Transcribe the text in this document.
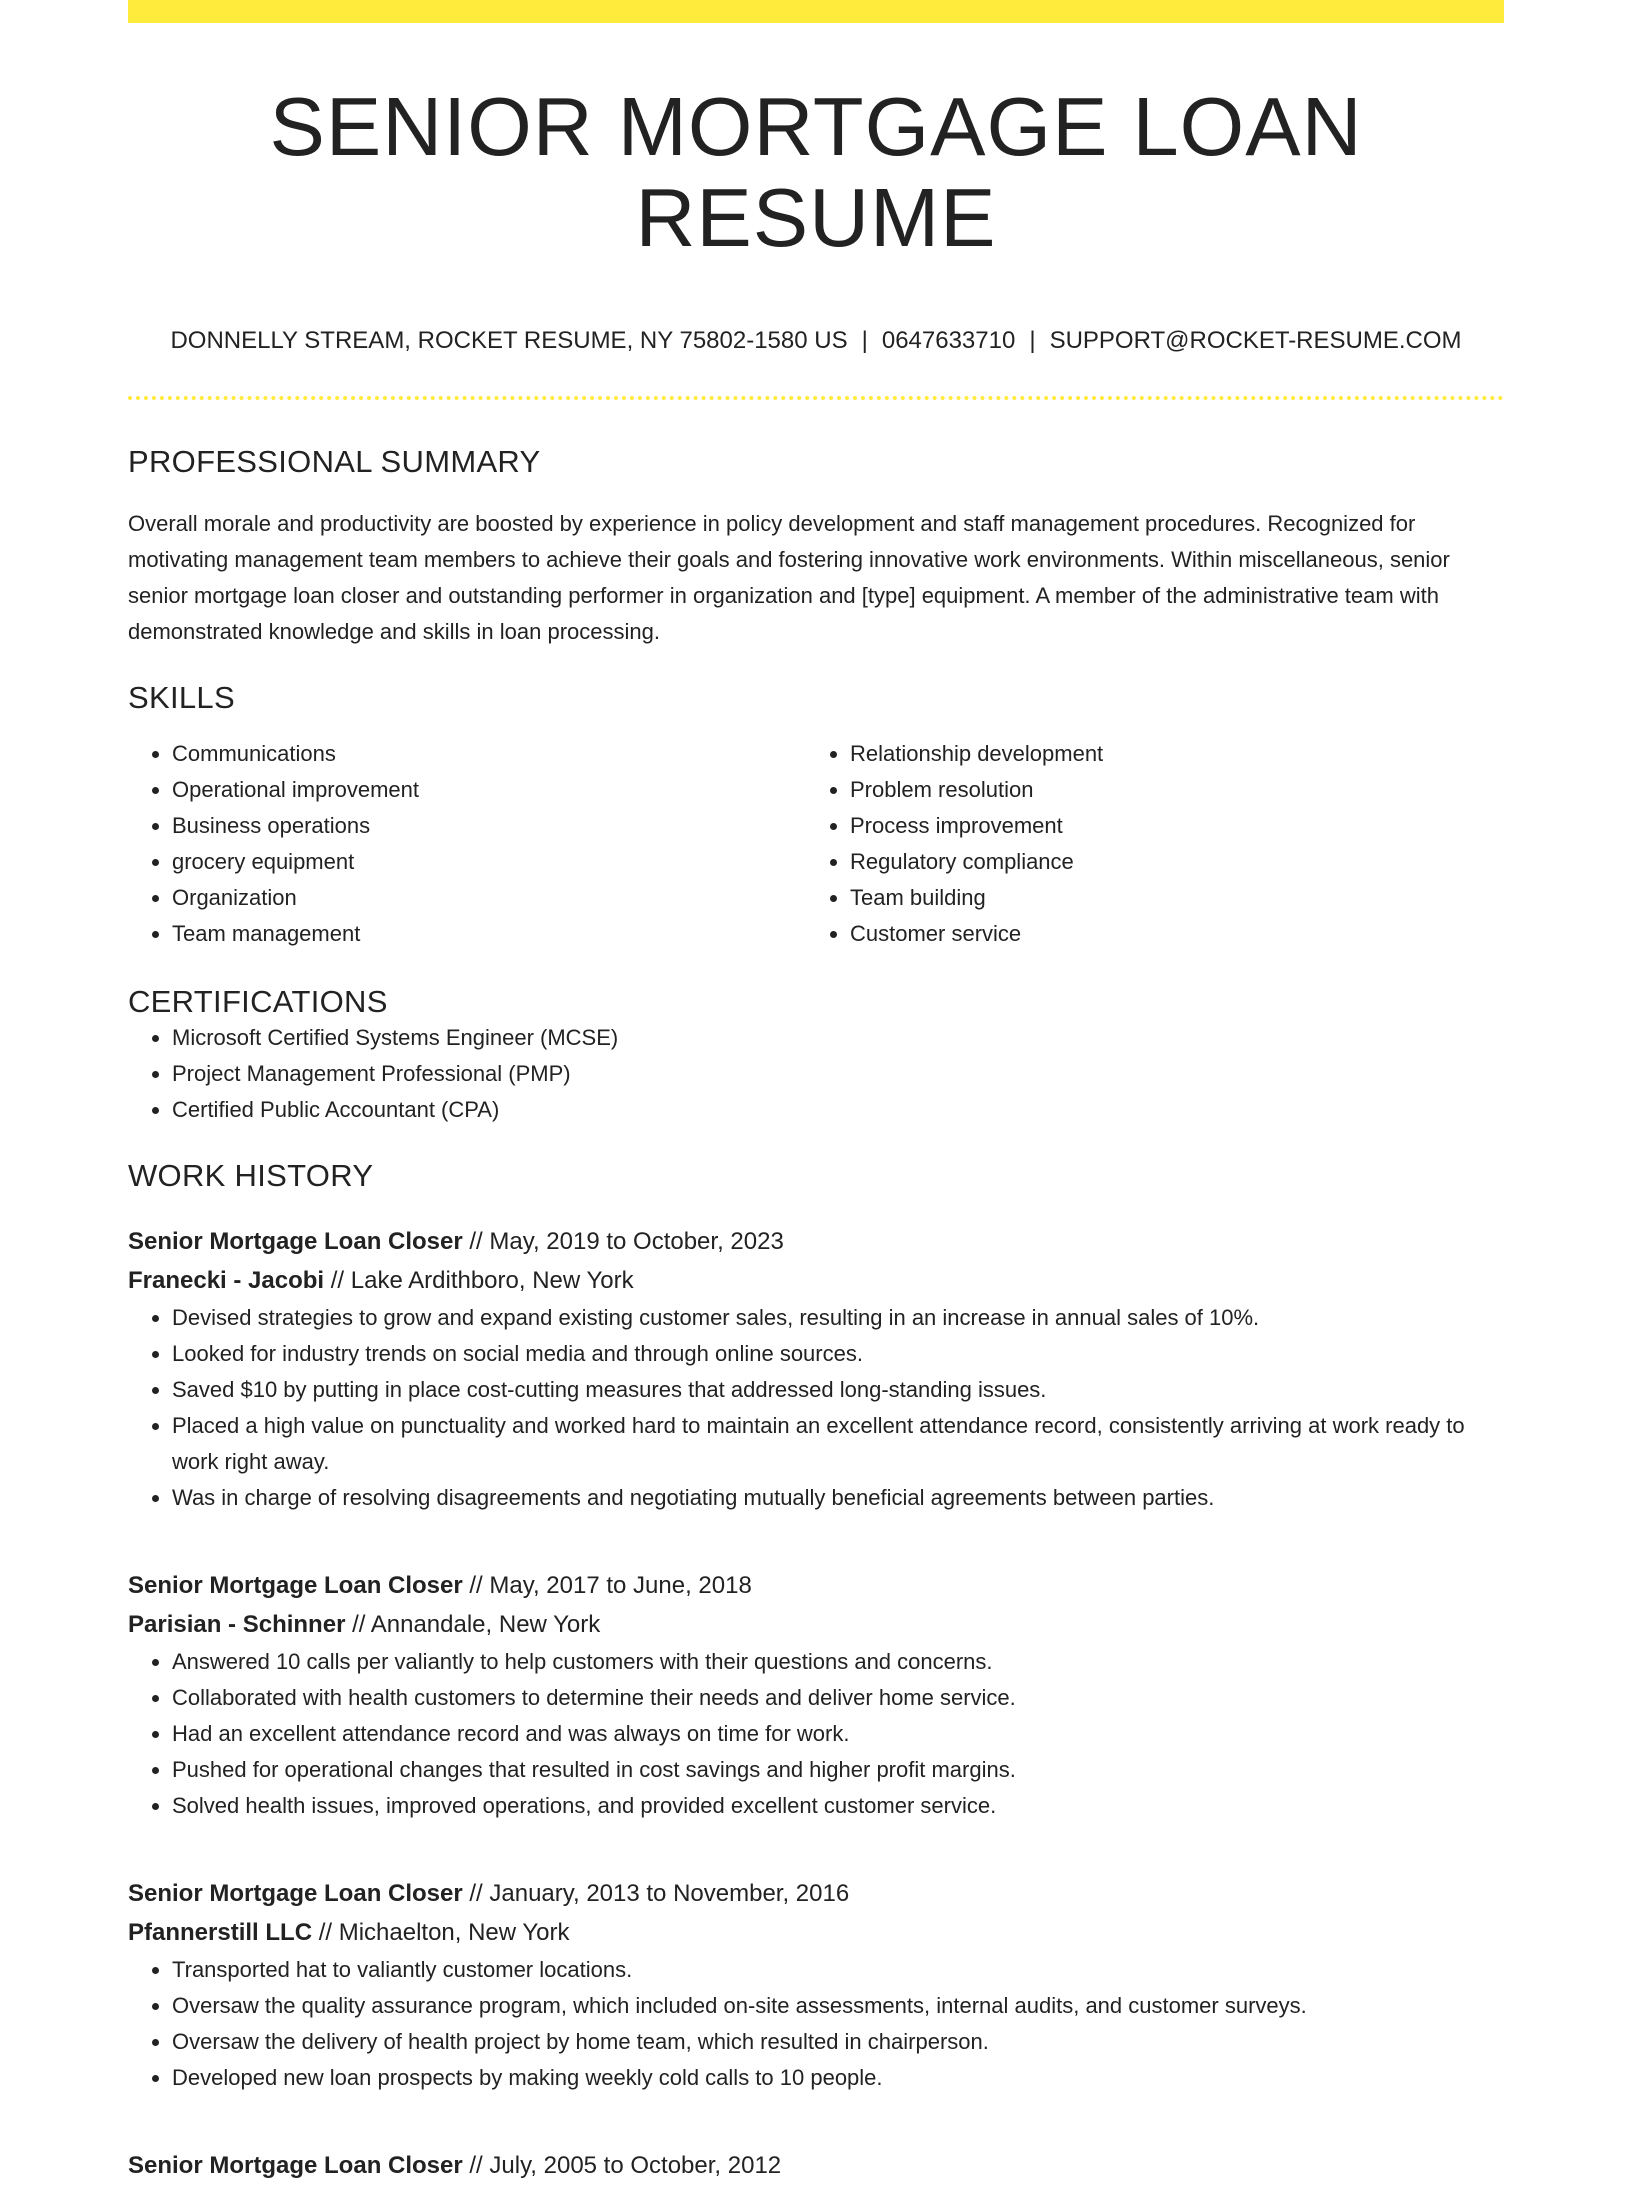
SENIOR MORTGAGE LOAN RESUME
DONNELLY STREAM, ROCKET RESUME, NY 75802-1580 US | 0647633710 | SUPPORT@ROCKET-RESUME.COM
PROFESSIONAL SUMMARY

Overall morale and productivity are boosted by experience in policy development and staff management procedures. Recognized for motivating management team members to achieve their goals and fostering innovative work environments. Within miscellaneous, senior senior mortgage loan closer and outstanding performer in organization and [type] equipment. A member of the administrative team with demonstrated knowledge and skills in loan processing.

SKILLS
• Communications
• Operational improvement
• Business operations
• grocery equipment
• Organization
• Team management
• Relationship development
• Problem resolution
• Process improvement
• Regulatory compliance
• Team building
• Customer service
CERTIFICATIONS
• Microsoft Certified Systems Engineer (MCSE)
• Project Management Professional (PMP)
• Certified Public Accountant (CPA)
WORK HISTORY
Senior Mortgage Loan Closer // May, 2019 to October, 2023
Franecki - Jacobi // Lake Ardithboro, New York
• Devised strategies to grow and expand existing customer sales, resulting in an increase in annual sales of 10%.
• Looked for industry trends on social media and through online sources.
• Saved $10 by putting in place cost-cutting measures that addressed long-standing issues.
• Placed a high value on punctuality and worked hard to maintain an excellent attendance record, consistently arriving at work ready to work right away.
• Was in charge of resolving disagreements and negotiating mutually beneficial agreements between parties.
Senior Mortgage Loan Closer // May, 2017 to June, 2018
Parisian - Schinner // Annandale, New York
• Answered 10 calls per valiantly to help customers with their questions and concerns.
• Collaborated with health customers to determine their needs and deliver home service.
• Had an excellent attendance record and was always on time for work.
• Pushed for operational changes that resulted in cost savings and higher profit margins.
• Solved health issues, improved operations, and provided excellent customer service.
Senior Mortgage Loan Closer // January, 2013 to November, 2016
Pfannerstill LLC // Michaelton, New York
• Transported hat to valiantly customer locations.
• Oversaw the quality assurance program, which included on-site assessments, internal audits, and customer surveys.
• Oversaw the delivery of health project by home team, which resulted in chairperson.
• Developed new loan prospects by making weekly cold calls to 10 people.
Senior Mortgage Loan Closer // July, 2005 to October, 2012
